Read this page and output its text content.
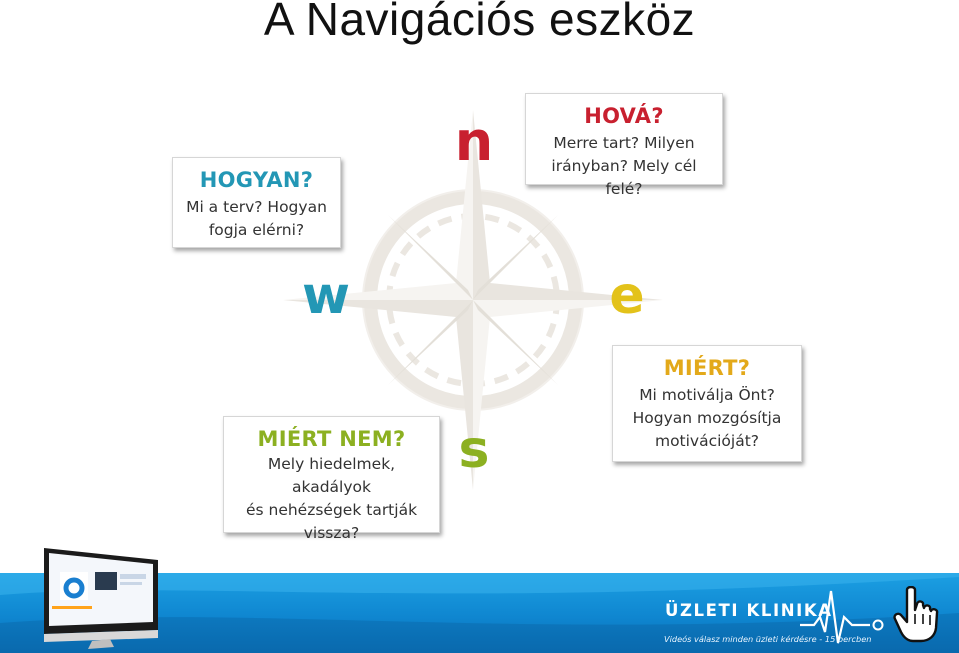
A Navigációs eszköz
n
w	e
s
HOVÁ?
Merre tart? Milyen
irányban? Mely cél felé?
HOGYAN?
Mi a terv? Hogyan
fogja elérni?
MIÉRT?
Mi motiválja Önt?
Hogyan mozgósítja
motivációját?
MIÉRT NEM?
Mely hiedelmek, akadályok
és nehézségek tartják
vissza?
ÜZLETI KLINIKA
Videós válasz minden üzleti kérdésre - 15 percben
